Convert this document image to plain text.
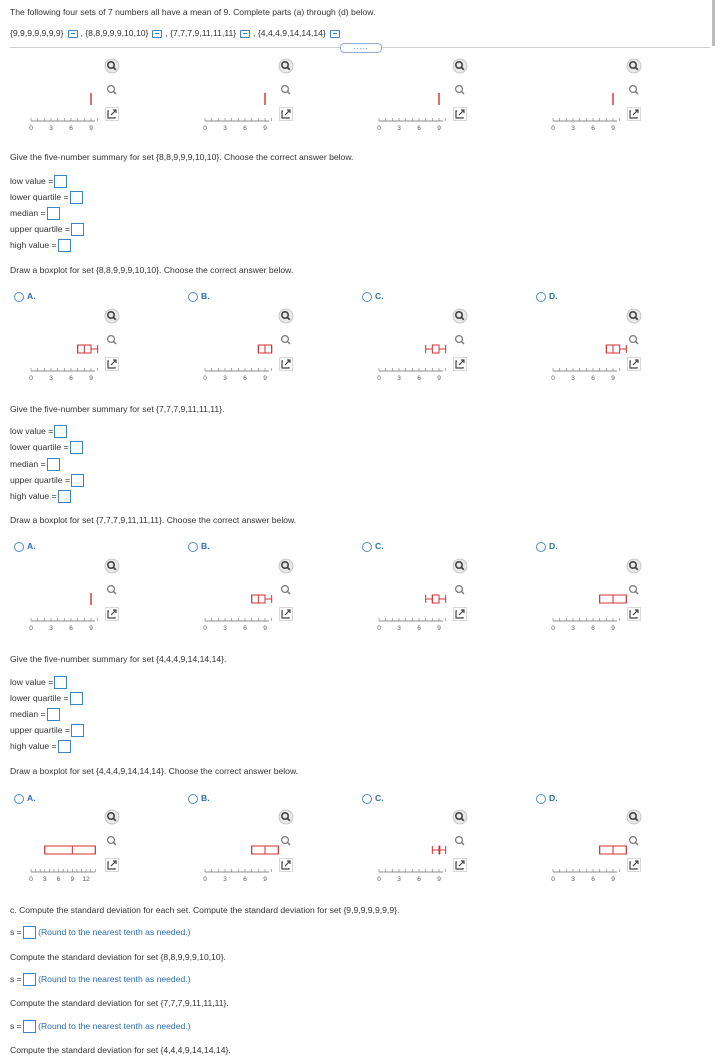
The following four sets of 7 numbers all have a mean of 9. Complete parts (a) through (d) below.
{9,9,9,9,9,9,9} , {8,8,9,9,9,10,10} , {7,7,7,9,11,11,11} , {4,4,4,9,14,14,14}
.....
0	3	6	9	0	3	6	9	0	3	6	9	0	3	6	9
0	3	6	9
A.
0	3	6	9
B.
0	3	6	9
C.
0	3	6	9
D.
0	3	6	9
A.
0	3	6	9
B.
0	3	6	9
C.
0	3	6	9
D.
0 3 6 9 12
A.
0	3	6	9
B.
0	3	6	9
C.
0	3	6	9
D.
Give the five-number summary for set {8,8,9,9,9,10,10}. Choose the correct answer below.
low value =
lower quartile =
median =
upper quartile =
high value =
Draw a boxplot for set {8,8,9,9,9,10,10}. Choose the correct answer below.
Give the five-number summary for set {7,7,7,9,11,11,11}.
low value =
lower quartile =
median =
upper quartile =
high value =
Draw a boxplot for set {7,7,7,9,11,11,11}. Choose the correct answer below.
Give the five-number summary for set {4,4,4,9,14,14,14}.
low value =
lower quartile =
median =
upper quartile =
high value =
Draw a boxplot for set {4,4,4,9,14,14,14}. Choose the correct answer below.
c. Compute the standard deviation for each set. Compute the standard deviation for set {9,9,9,9,9,9,9}.
s = (Round to the nearest tenth as needed.)
Compute the standard deviation for set {8,8,9,9,9,10,10}.
s = (Round to the nearest tenth as needed.)
Compute the standard deviation for set {7,7,7,9,11,11,11}.
s = (Round to the nearest tenth as needed.)
Compute the standard deviation for set {4,4,4,9,14,14,14}.
